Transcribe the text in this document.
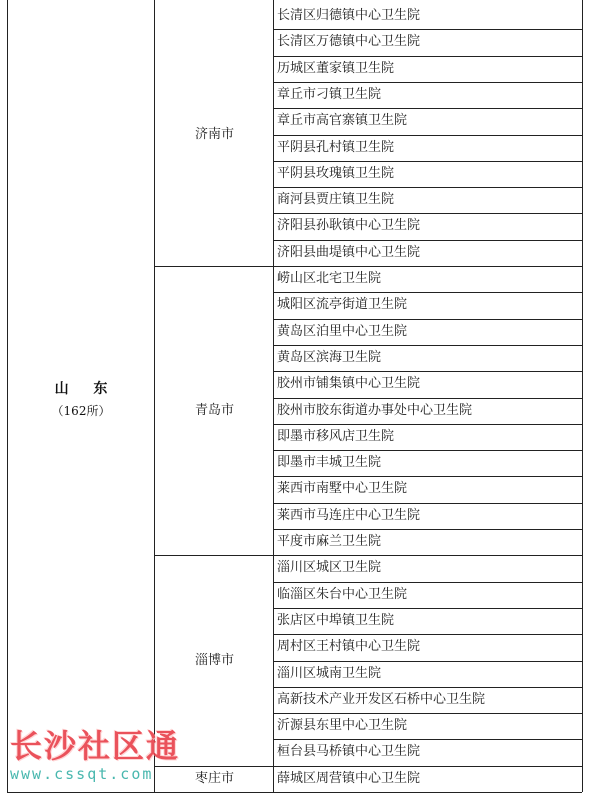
山 东
（162所）
长清区归德镇中心卫生院
长清区万德镇中心卫生院
历城区董家镇卫生院
章丘市刁镇卫生院
章丘市高官寨镇卫生院
平阴县孔村镇卫生院
平阴县玫瑰镇卫生院
商河县贾庄镇卫生院
济阳县孙耿镇中心卫生院
济阳县曲堤镇中心卫生院
济南市
崂山区北宅卫生院
城阳区流亭街道卫生院
黄岛区泊里中心卫生院
黄岛区滨海卫生院
胶州市铺集镇中心卫生院
胶州市胶东街道办事处中心卫生院
即墨市移风店卫生院
即墨市丰城卫生院
莱西市南墅中心卫生院
莱西市马连庄中心卫生院
平度市麻兰卫生院
青岛市
淄川区城区卫生院
临淄区朱台中心卫生院
张店区中埠镇卫生院
周村区王村镇中心卫生院
淄川区城南卫生院
高新技术产业开发区石桥中心卫生院
沂源县东里中心卫生院
桓台县马桥镇中心卫生院
淄博市
薛城区周营镇中心卫生院
枣庄市
长沙社区通
www.cssqt.com
